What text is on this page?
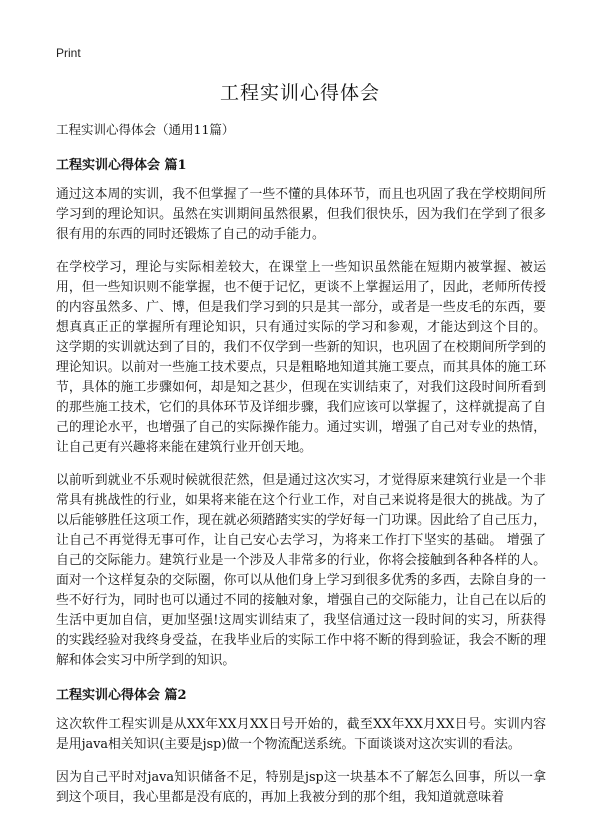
Print
工程实训心得体会
工程实训心得体会（通用11篇）
工程实训心得体会 篇1

通过这本周的实训，我不但掌握了一些不懂的具体环节，而且也巩固了我在学校期间所学习到的理论知识。虽然在实训期间虽然很累，但我们很快乐，因为我们在学到了很多很有用的东西的同时还锻炼了自己的动手能力。

在学校学习，理论与实际相差较大，在课堂上一些知识虽然能在短期内被掌握、被运用，但一些知识则不能掌握，也不便于记忆，更谈不上掌握运用了，因此，老师所传授的内容虽然多、广、博，但是我们学习到的只是其一部分，或者是一些皮毛的东西，要想真真正正的掌握所有理论知识，只有通过实际的学习和参观，才能达到这个目的。 这学期的实训就达到了目的，我们不仅学到一些新的知识，也巩固了在校期间所学到的理论知识。以前对一些施工技术要点，只是粗略地知道其施工要点，而其具体的施工环节，具体的施工步骤如何，却是知之甚少，但现在实训结束了，对我们这段时间所看到的那些施工技术，它们的具体环节及详细步骤，我们应该可以掌握了，这样就提高了自己的理论水平，也增强了自己的实际操作能力。通过实训，增强了自己对专业的热情，让自己更有兴趣将来能在建筑行业开创天地。

以前听到就业不乐观时候就很茫然，但是通过这次实习，才觉得原来建筑行业是一个非常具有挑战性的行业，如果将来能在这个行业工作，对自己来说将是很大的挑战。为了以后能够胜任这项工作，现在就必须踏踏实实的学好每一门功课。因此给了自己压力，让自己不再觉得无事可作，让自己安心去学习，为将来工作打下坚实的基础。 增强了自己的交际能力。建筑行业是一个涉及人非常多的行业，你将会接触到各种各样的人。面对一个这样复杂的交际圈，你可以从他们身上学习到很多优秀的多西，去除自身的一些不好行为，同时也可以通过不同的接触对象，增强自己的交际能力，让自己在以后的生活中更加自信，更加坚强!这周实训结束了，我坚信通过这一段时间的实习，所获得的实践经验对我终身受益，在我毕业后的实际工作中将不断的得到验证，我会不断的理解和体会实习中所学到的知识。

工程实训心得体会 篇2

这次软件工程实训是从XX年XX月XX日号开始的，截至XX年XX月XX日号。实训内容是用java相关知识(主要是jsp)做一个物流配送系统。下面谈谈对这次实训的看法。

因为自己平时对java知识储备不足，特别是jsp这一块基本不了解怎么回事，所以一拿到这个项目，我心里都是没有底的，再加上我被分到的那个组，我知道就意味着
